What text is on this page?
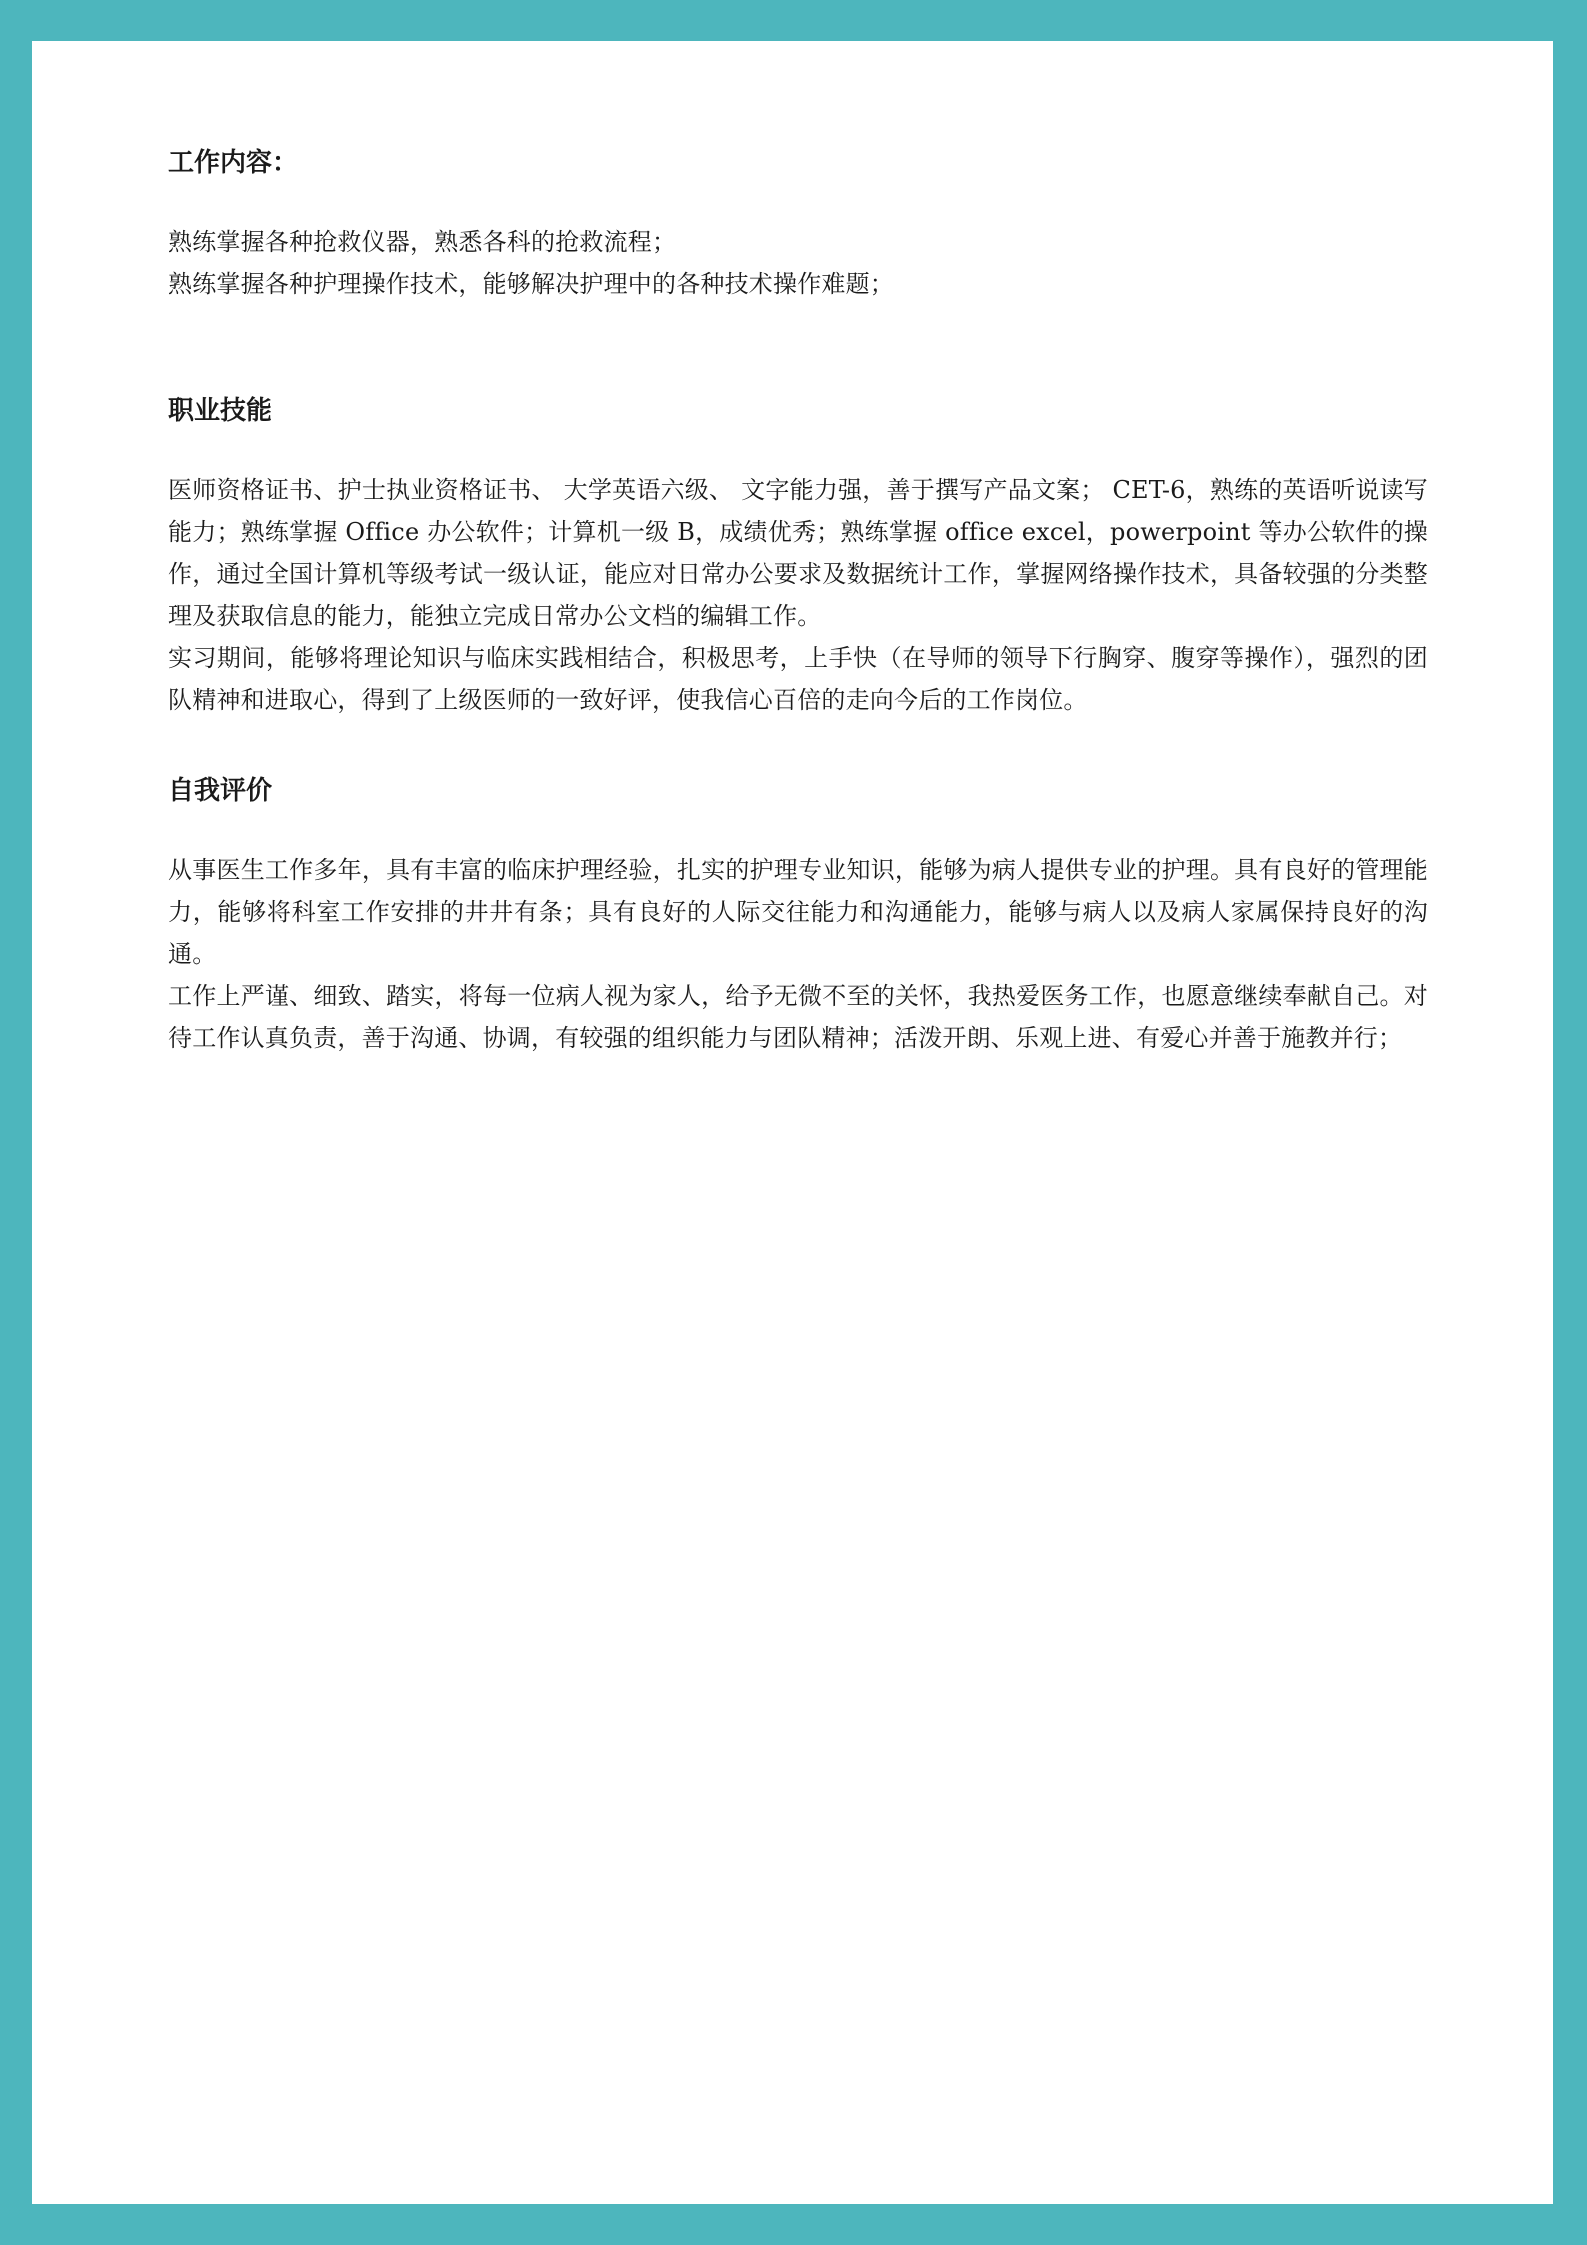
工作内容：

熟练掌握各种抢救仪器，熟悉各科的抢救流程；

熟练掌握各种护理操作技术，能够解决护理中的各种技术操作难题；

职业技能

医师资格证书、护士执业资格证书、 大学英语六级、 文字能力强，善于撰写产品文案； CET-6，熟练的英语听说读写能力；熟练掌握 Office 办公软件；计算机一级 B，成绩优秀；熟练掌握 office excel，powerpoint 等办公软件的操作，通过全国计算机等级考试一级认证，能应对日常办公要求及数据统计工作，掌握网络操作技术，具备较强的分类整理及获取信息的能力，能独立完成日常办公文档的编辑工作。

实习期间，能够将理论知识与临床实践相结合，积极思考，上手快（在导师的领导下行胸穿、腹穿等操作），强烈的团队精神和进取心，得到了上级医师的一致好评，使我信心百倍的走向今后的工作岗位。

自我评价

从事医生工作多年，具有丰富的临床护理经验，扎实的护理专业知识，能够为病人提供专业的护理。具有良好的管理能力，能够将科室工作安排的井井有条；具有良好的人际交往能力和沟通能力，能够与病人以及病人家属保持良好的沟通。

工作上严谨、细致、踏实，将每一位病人视为家人，给予无微不至的关怀，我热爱医务工作，也愿意继续奉献自己。对待工作认真负责，善于沟通、协调，有较强的组织能力与团队精神；活泼开朗、乐观上进、有爱心并善于施教并行；
